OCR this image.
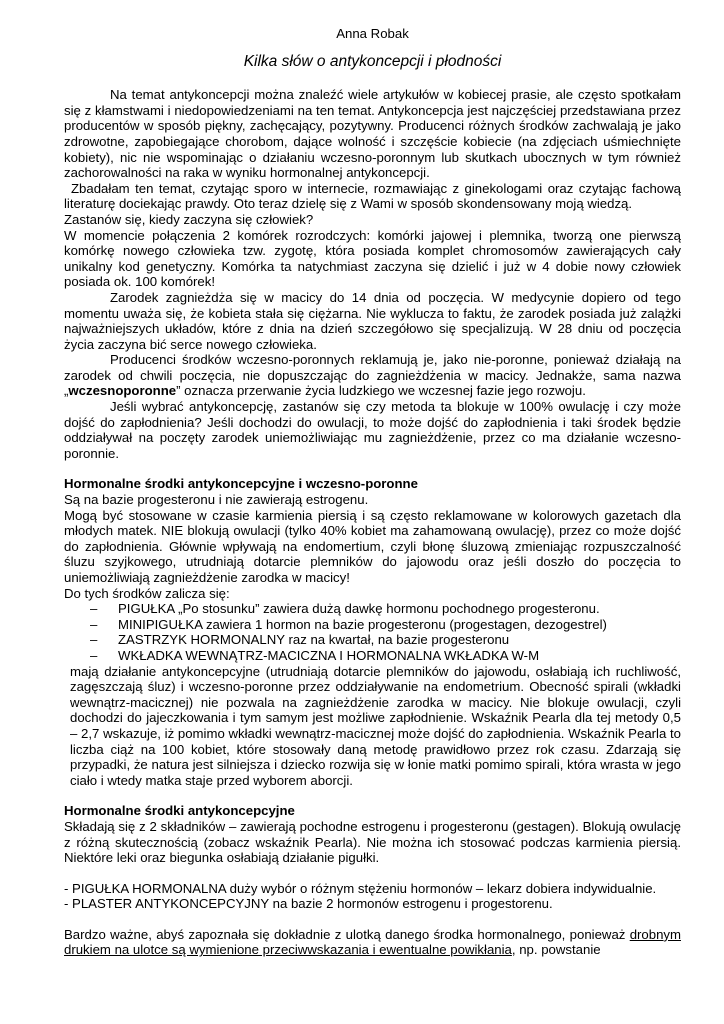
Anna Robak
Kilka słów o antykoncepcji i płodności

Na temat antykoncepcji można znaleźć wiele artykułów w kobiecej prasie, ale często spotkałam się z kłamstwami i niedopowiedzeniami na ten temat. Antykoncepcja jest najczęściej przedstawiana przez producentów w sposób piękny, zachęcający, pozytywny. Producenci różnych środków zachwalają je jako zdrowotne, zapobiegające chorobom, dające wolność i szczęście kobiecie (na zdjęciach uśmiechnięte kobiety), nic nie wspominając o działaniu wczesno-poronnym lub skutkach ubocznych w tym również zachorowalności na raka w wyniku hormonalnej antykoncepcji.

Zbadałam ten temat, czytając sporo w internecie, rozmawiając z ginekologami oraz czytając fachową literaturę dociekając prawdy. Oto teraz dzielę się z Wami w sposób skondensowany moją wiedzą.

Zastanów się, kiedy zaczyna się człowiek?

W momencie połączenia 2 komórek rozrodczych: komórki jajowej i plemnika, tworzą one pierwszą komórkę nowego człowieka tzw. zygotę, która posiada komplet chromosomów zawierających cały unikalny kod genetyczny. Komórka ta natychmiast zaczyna się dzielić i już w 4 dobie nowy człowiek posiada ok. 100 komórek!

Zarodek zagnieżdża się w macicy do 14 dnia od poczęcia. W medycynie dopiero od tego momentu uważa się, że kobieta stała się ciężarna. Nie wyklucza to faktu, że zarodek posiada już zalążki najważniejszych układów, które z dnia na dzień szczegółowo się specjalizują. W 28 dniu od poczęcia życia zaczyna bić serce nowego człowieka.

Producenci środków wczesno-poronnych reklamują je, jako nie-poronne, ponieważ działają na zarodek od chwili poczęcia, nie dopuszczając do zagnieżdżenia w macicy. Jednakże, sama nazwa „wczesnoporonne” oznacza przerwanie życia ludzkiego we wczesnej fazie jego rozwoju.

Jeśli wybrać antykoncepcję, zastanów się czy metoda ta blokuje w 100% owulację i czy może dojść do zapłodnienia? Jeśli dochodzi do owulacji, to może dojść do zapłodnienia i taki środek będzie oddziaływał na poczęty zarodek uniemożliwiając mu zagnieżdżenie, przez co ma działanie wczesno-poronnie.

Hormonalne środki antykoncepcyjne i wczesno-poronne

Są na bazie progesteronu i nie zawierają estrogenu.

Mogą być stosowane w czasie karmienia piersią i są często reklamowane w kolorowych gazetach dla młodych matek. NIE blokują owulacji (tylko 40% kobiet ma zahamowaną owulację), przez co może dojść do zapłodnienia. Głównie wpływają na endomertium, czyli błonę śluzową zmieniając rozpuszczalność śluzu szyjkowego, utrudniają dotarcie plemników do jajowodu oraz jeśli doszło do poczęcia to uniemożliwiają zagnieżdżenie zarodka w macicy!

Do tych środków zalicza się:

– PIGUŁKA „Po stosunku” zawiera dużą dawkę hormonu pochodnego progesteronu.
– MINIPIGUŁKA zawiera 1 hormon na bazie progesteronu (progestagen, dezogestrel)
– ZASTRZYK HORMONALNY raz na kwartał, na bazie progesteronu
– WKŁADKA WEWNĄTRZ-MACICZNA I HORMONALNA WKŁADKA W-M

mają działanie antykoncepcyjne (utrudniają dotarcie plemników do jajowodu, osłabiają ich ruchliwość, zagęszczają śluz) i wczesno-poronne przez oddziaływanie na endometrium. Obecność spirali (wkładki wewnątrz-macicznej) nie pozwala na zagnieżdżenie zarodka w macicy. Nie blokuje owulacji, czyli dochodzi do jajeczkowania i tym samym jest możliwe zapłodnienie. Wskaźnik Pearla dla tej metody 0,5 – 2,7 wskazuje, iż pomimo wkładki wewnątrz-macicznej może dojść do zapłodnienia. Wskaźnik Pearla to liczba ciąż na 100 kobiet, które stosowały daną metodę prawidłowo przez rok czasu. Zdarzają się przypadki, że natura jest silniejsza i dziecko rozwija się w łonie matki pomimo spirali, która wrasta w jego ciało i wtedy matka staje przed wyborem aborcji.

Hormonalne środki antykoncepcyjne

Składają się z 2 składników – zawierają pochodne estrogenu i progesteronu (gestagen). Blokują owulację z różną skutecznością (zobacz wskaźnik Pearla). Nie można ich stosować podczas karmienia piersią. Niektóre leki oraz biegunka osłabiają działanie pigułki.

- PIGUŁKA HORMONALNA duży wybór o różnym stężeniu hormonów – lekarz dobiera indywidualnie.

- PLASTER ANTYKONCEPCYJNY na bazie 2 hormonów estrogenu i progestorenu.

Bardzo ważne, abyś zapoznała się dokładnie z ulotką danego środka hormonalnego, ponieważ drobnym drukiem na ulotce są wymienione przeciwwskazania i ewentualne powikłania, np. powstanie
